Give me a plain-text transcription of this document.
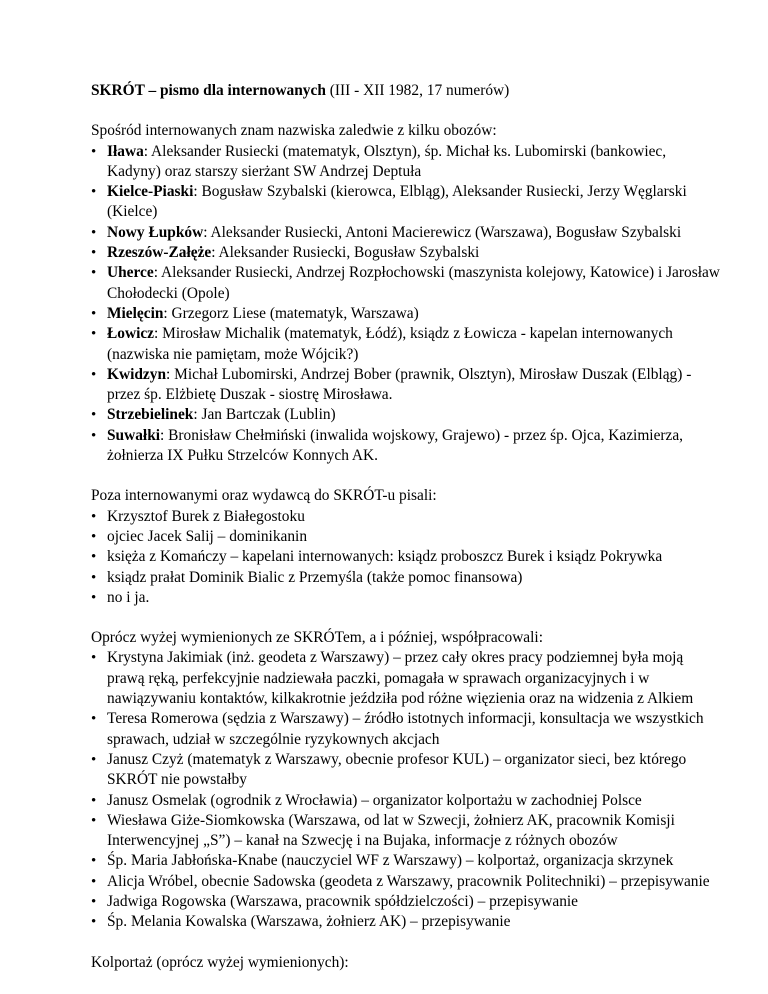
SKRÓT – pismo dla internowanych (III - XII 1982, 17 numerów)

Spośród internowanych znam nazwiska zaledwie z kilku obozów:

• Iława: Aleksander Rusiecki (matematyk, Olsztyn), śp. Michał ks. Lubomirski (bankowiec, Kadyny) oraz starszy sierżant SW Andrzej Deptuła
• Kielce-Piaski: Bogusław Szybalski (kierowca, Elbląg), Aleksander Rusiecki, Jerzy Węglarski (Kielce)
• Nowy Łupków: Aleksander Rusiecki, Antoni Macierewicz (Warszawa), Bogusław Szybalski
• Rzeszów-Załęże: Aleksander Rusiecki, Bogusław Szybalski
• Uherce: Aleksander Rusiecki, Andrzej Rozpłochowski (maszynista kolejowy, Katowice) i Jarosław Chołodecki (Opole)
• Mielęcin: Grzegorz Liese (matematyk, Warszawa)
• Łowicz: Mirosław Michalik (matematyk, Łódź), ksiądz z Łowicza - kapelan internowanych (nazwiska nie pamiętam, może Wójcik?)
• Kwidzyn: Michał Lubomirski, Andrzej Bober (prawnik, Olsztyn), Mirosław Duszak (Elbląg) - przez śp. Elżbietę Duszak - siostrę Mirosława.
• Strzebielinek: Jan Bartczak (Lublin)
• Suwałki: Bronisław Chełmiński (inwalida wojskowy, Grajewo) - przez śp. Ojca, Kazimierza, żołnierza IX Pułku Strzelców Konnych AK.

Poza internowanymi oraz wydawcą do SKRÓT-u pisali:

• Krzysztof Burek z Białegostoku
• ojciec Jacek Salij – dominikanin
• księża z Komańczy – kapelani internowanych: ksiądz proboszcz Burek i ksiądz Pokrywka
• ksiądz prałat Dominik Bialic z Przemyśla (także pomoc finansowa)
• no i ja.

Oprócz wyżej wymienionych ze SKRÓTem, a i później, współpracowali:

• Krystyna Jakimiak (inż. geodeta z Warszawy) – przez cały okres pracy podziemnej była moją prawą ręką, perfekcyjnie nadziewała paczki, pomagała w sprawach organizacyjnych i w nawiązywaniu kontaktów, kilkakrotnie jeździła pod różne więzienia oraz na widzenia z Alkiem
• Teresa Romerowa (sędzia z Warszawy) – źródło istotnych informacji, konsultacja we wszystkich sprawach, udział w szczególnie ryzykownych akcjach
• Janusz Czyż (matematyk z Warszawy, obecnie profesor KUL) – organizator sieci, bez którego SKRÓT nie powstałby
• Janusz Osmelak (ogrodnik z Wrocławia) – organizator kolportażu w zachodniej Polsce
• Wiesława Giże-Siomkowska (Warszawa, od lat w Szwecji, żołnierz AK, pracownik Komisji Interwencyjnej „S”) – kanał na Szwecję i na Bujaka, informacje z różnych obozów
• Śp. Maria Jabłońska-Knabe (nauczyciel WF z Warszawy) – kolportaż, organizacja skrzynek
• Alicja Wróbel, obecnie Sadowska (geodeta z Warszawy, pracownik Politechniki) – przepisywanie
• Jadwiga Rogowska (Warszawa, pracownik spółdzielczości) – przepisywanie
• Śp. Melania Kowalska (Warszawa, żołnierz AK) – przepisywanie

Kolportaż (oprócz wyżej wymienionych):
